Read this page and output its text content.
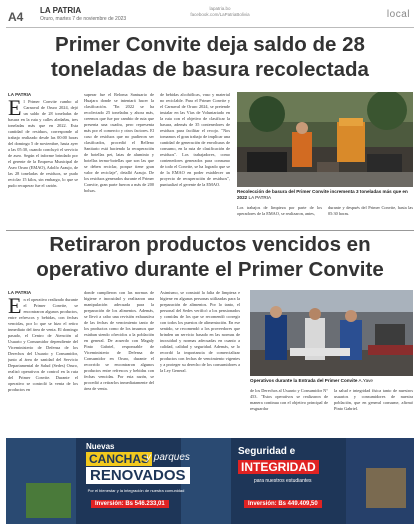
A4 LA PATRIA
Oruro, martes 7 de noviembre de 2023
lapatria.bo
facebook.com/LaPatriaBolivia	local
Primer Convite deja saldo de 28 toneladas de basura recolectada
LA PATRIA
El Primer Convite rumbo al Carnaval de Oruro 2024, dejó un saldo de 28 toneladas de basura en la ruta y calles aledañas, tres toneladas más que en 2022. Esta cantidad de residuos, corresponde al trabajo realizado desde las 00:00 horas del domingo 5 de noviembre, hasta ayer a las 05:30, cuando concluyó el servicio de aseo. Según el informe brindado por el gerente de la Empresa Municipal de Aseo Oruro (EMAO), Adolfo Araujo, de las 28 toneladas de residuos, se pudo reciclar 15 kilos, sin embargo, lo que se pudo recuperar fue el cartón.
superar fue el Reloma Santuario de Huajara donde se intentará hacer la clasificación. "En 2022 se ha recolectado 25 toneladas y ahora más, creemos que fue por cambio de ruta que presenta una cuadra, pero representa más por el comercio y otros factores. El caso de residuos que no pudieron ser clasificados, procedió el Relleno Sanitario está haciendo la recuperación de botellas pet, latas de aluminio y botellas termo-botellas que son las que se deben reciclar, porque tiene gran valor de reciclaje", detalló Araujo. De los residuos generados durante el Primer Convite, gran parte fueron a más de 200 bolsas.
de bebidas alcohólicas, vaso y material no reciclable. Para el Primer Convite y el Carnaval de Oruro 2024, se pretende instalar en las Vías de Voluntariado en la ruta con el objetivo de clasificar la basura, además de 35 contenedores de residuos para facilitar el recojo. "Nos tomamos el gran trabajo de implicar una cantidad de generación de envolturas de consumo, en la ruta de clasificación de residuos". Los trabajadores, como contenedores generados para consumo de todo el Convite, se ha logrado que se de la EMAO en poder establecer un proyecto de recuperación de residuos", puntualizó el gerente de la EMAO.
Recolección de basura del Primer Convite incrementa 3 toneladas más que en 2022 LA PATRIA
Los trabajos de limpieza por parte de los operadores de la EMAO, se realizaron, antes,
durante y después del Primer Convite, hasta las 05:30 horas.
Retiraron productos vencidos en operativo durante el Primer Convite
LA PATRIA
En el operativo realizado durante el Primer Convite, se encontraron algunos productos, entre refrescos y bebidas, con fechas vencidas, por lo que se hizo el retiro inmediato del área de venta. El domingo pasado, el Centro de Atención al Usuario y Consumidor dependiente del Viceministerio de Defensa de los Derechos del Usuario y Consumidor, junto al área de sanidad del Servicio Departamental de Salud (Sedes) Oruro, realizó operativos de control en la ruta del Primer Convite. Durante el operativo se controló la venta de los productos en
donde cumplieron con las normas de higiene e inocuidad y realizaron una manipulación adecuada para la preparación de los alimentos. Además, se llevó a cabo una revisión exhaustiva de las fechas de vencimiento tanto de los productos como de los insumos que estaban siendo ofrecidos a la población en general. De acuerdo con Magaly Pinto Gabriel, responsable de Viceministerio de Defensa de Consumidor en Oruro, durante el recorrido se encontraron algunos productos entre refrescos y bebidas con fechas vencidas. Por esta razón, se procedió a retirarlos inmediatamente del área de venta.
Asimismo, se constató la falta de limpieza e higiene en algunas personas utilizadas para la preparación de alimentos. Por lo tanto, el personal del Sedes verificó a los pensionados y comidas de los que se recomendó corregir con todos los puestos de alimentación. En ese sentido, se recomendó a los proveedores que brinden un servicio basado en las normas de inocuidad y normas adecuadas en cuanto a calidad, calidad y seguridad. Además, se lo recordó la importancia de comercializar productos con fechas de vencimiento vigentes y a proteger su derecho de los consumidores a la Ley General.
Operativos durante la Entrada del Primer Convite A.Yave
de los Derechos al Usuario y Consumidor N° 453. "Estos operativos se realizaron de manera continua con el objetivo principal de resguardar
la salud e integridad física tanto de nuestros usuarios y consumidores de nuestra población, que en general consume, afirmó Pinto Gabriel.
Nuevas
CANCHAS
y parques
RENOVADOS
Por el bienestar y la integración de nuestra comunidad
Inversión: Bs 546.233,01
Seguridad e
INTEGRIDAD
para nuestros estudiantes
Inversión: Bs 449.409,50
